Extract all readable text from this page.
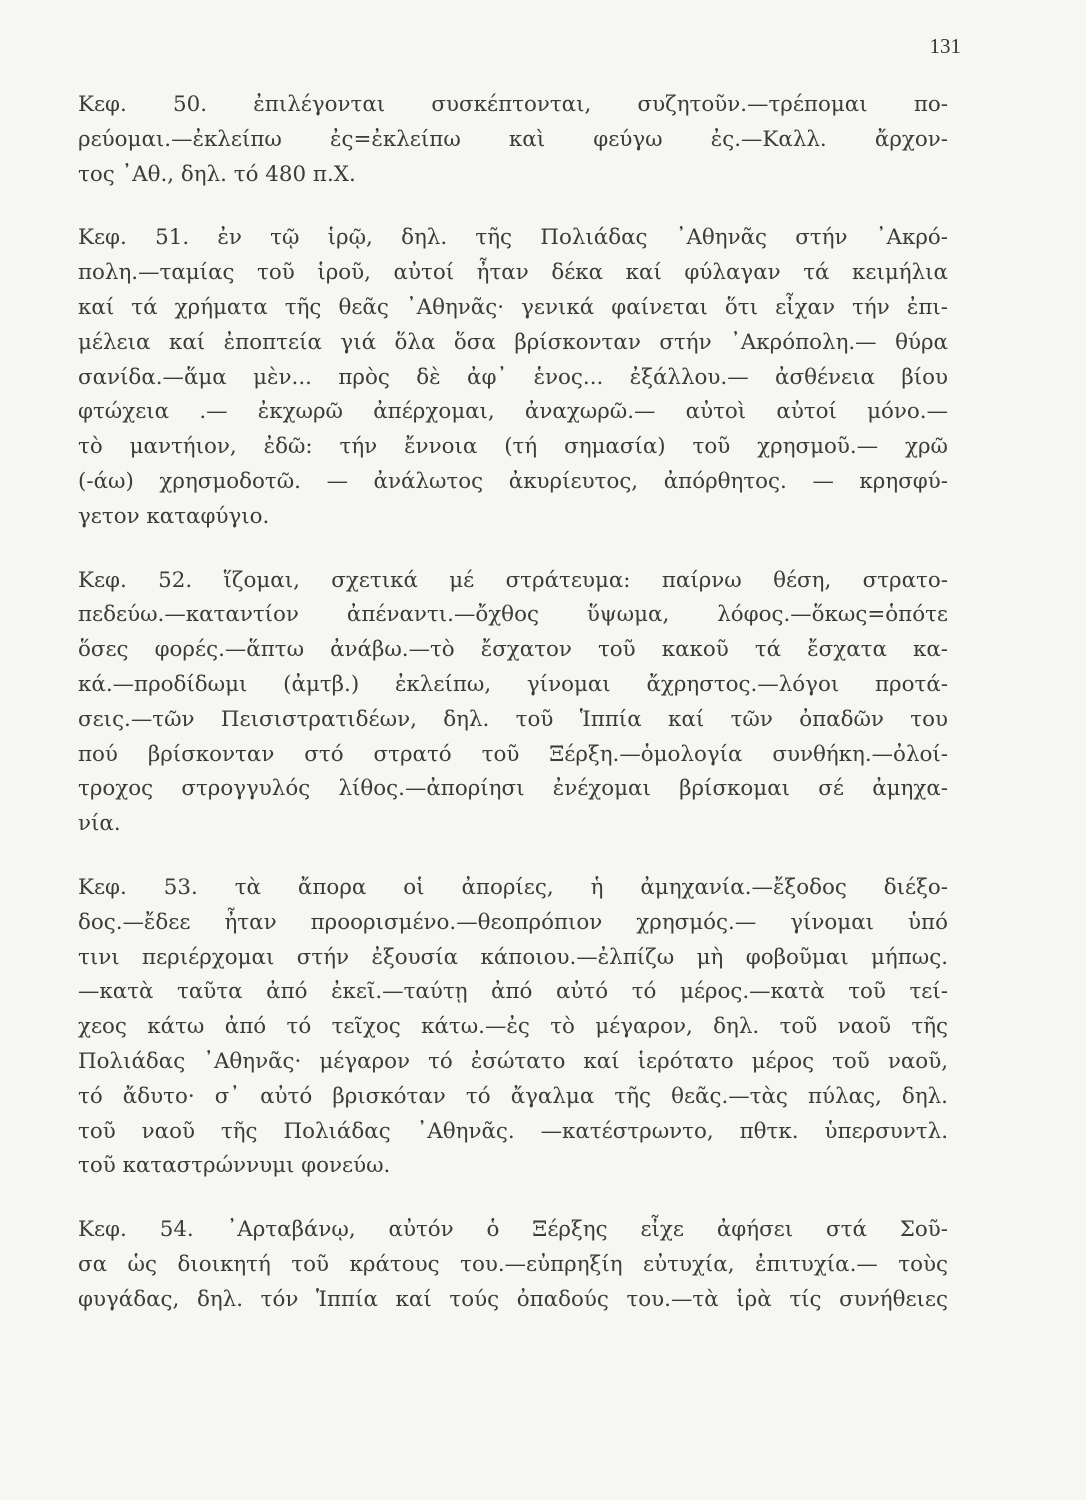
131
Κεφ. 50. ἐπιλέγονται συσκέπτονται, συζητοῦν.—τρέπομαι πο-
ρεύομαι.—ἐκλείπω ἐς=ἐκλείπω καὶ φεύγω ἐς.—Καλλ. ἄρχον-
τος ᾿Αθ., δηλ. τό 480 π.Χ.
Κεφ. 51. ἐν τῷ ἱρῷ, δηλ. τῆς Πολιάδας ᾿Αθηνᾶς στήν ᾿Ακρό-
πολη.—ταμίας τοῦ ἱροῦ, αὐτοί ἦταν δέκα καί φύλαγαν τά κειμήλια
καί τά χρήματα τῆς θεᾶς ᾿Αθηνᾶς· γενικά φαίνεται ὅτι εἶχαν τήν ἐπι-
μέλεια καί ἐποπτεία γιά ὅλα ὅσα βρίσκονταν στήν ᾿Ακρόπολη.— θύρα
σανίδα.—ἅμα μὲν... πρὸς δὲ ἀφ᾿ ἑνος... ἐξάλλου.— ἀσθένεια βίου
φτώχεια .— ἐκχωρῶ ἀπέρχομαι, ἀναχωρῶ.— αὐτοὶ αὐτοί μόνο.—
τὸ μαντήιον, ἐδῶ: τήν ἔννοια (τή σημασία) τοῦ χρησμοῦ.— χρῶ
(-άω) χρησμοδοτῶ. — ἀνάλωτος ἀκυρίευτος, ἀπόρθητος. — κρησφύ-
γετον καταφύγιο.
Κεφ. 52. ἵζομαι, σχετικά μέ στράτευμα: παίρνω θέση, στρατο-
πεδεύω.—καταντίον ἀπέναντι.—ὄχθος ὕψωμα, λόφος.—ὅκως=ὁπότε
ὅσες φορές.—ἅπτω ἀνάβω.—τὸ ἔσχατον τοῦ κακοῦ τά ἔσχατα κα-
κά.—προδίδωμι (ἀμτβ.) ἐκλείπω, γίνομαι ἄχρηστος.—λόγοι προτά-
σεις.—τῶν Πεισιστρατιδέων, δηλ. τοῦ Ἱππία καί τῶν ὀπαδῶν του
πού βρίσκονταν στό στρατό τοῦ Ξέρξη.—ὁμολογία συνθήκη.—ὀλοί-
τροχος στρογγυλός λίθος.—ἀπορίησι ἐνέχομαι βρίσκομαι σέ ἀμηχα-
νία.
Κεφ. 53. τὰ ἄπορα οἱ ἀπορίες, ἡ ἀμηχανία.—ἔξοδος διέξο-
δος.—ἔδεε ἦταν προορισμένο.—θεοπρόπιον χρησμός.— γίνομαι ὑπό
τινι περιέρχομαι στήν ἐξουσία κάποιου.—ἐλπίζω μὴ φοβοῦμαι μήπως.
—κατὰ ταῦτα ἀπό ἐκεῖ.—ταύτῃ ἀπό αὐτό τό μέρος.—κατὰ τοῦ τεί-
χεος κάτω ἀπό τό τεῖχος κάτω.—ἐς τὸ μέγαρον, δηλ. τοῦ ναοῦ τῆς
Πολιάδας ᾿Αθηνᾶς· μέγαρον τό ἐσώτατο καί ἱερότατο μέρος τοῦ ναοῦ,
τό ἄδυτο· σ᾿ αὐτό βρισκόταν τό ἄγαλμα τῆς θεᾶς.—τὰς πύλας, δηλ.
τοῦ ναοῦ τῆς Πολιάδας ᾿Αθηνᾶς. —κατέστρωντο, πθτκ. ὑπερσυντλ.
τοῦ καταστρώννυμι φονεύω.
Κεφ. 54. ᾿Αρταβάνῳ, αὐτόν ὁ Ξέρξης εἶχε ἀφήσει στά Σοῦ-
σα ὡς διοικητή τοῦ κράτους του.—εὐπρηξίη εὐτυχία, ἐπιτυχία.— τοὺς
φυγάδας, δηλ. τόν Ἱππία καί τούς ὀπαδούς του.—τὰ ἱρὰ τίς συνήθειες
